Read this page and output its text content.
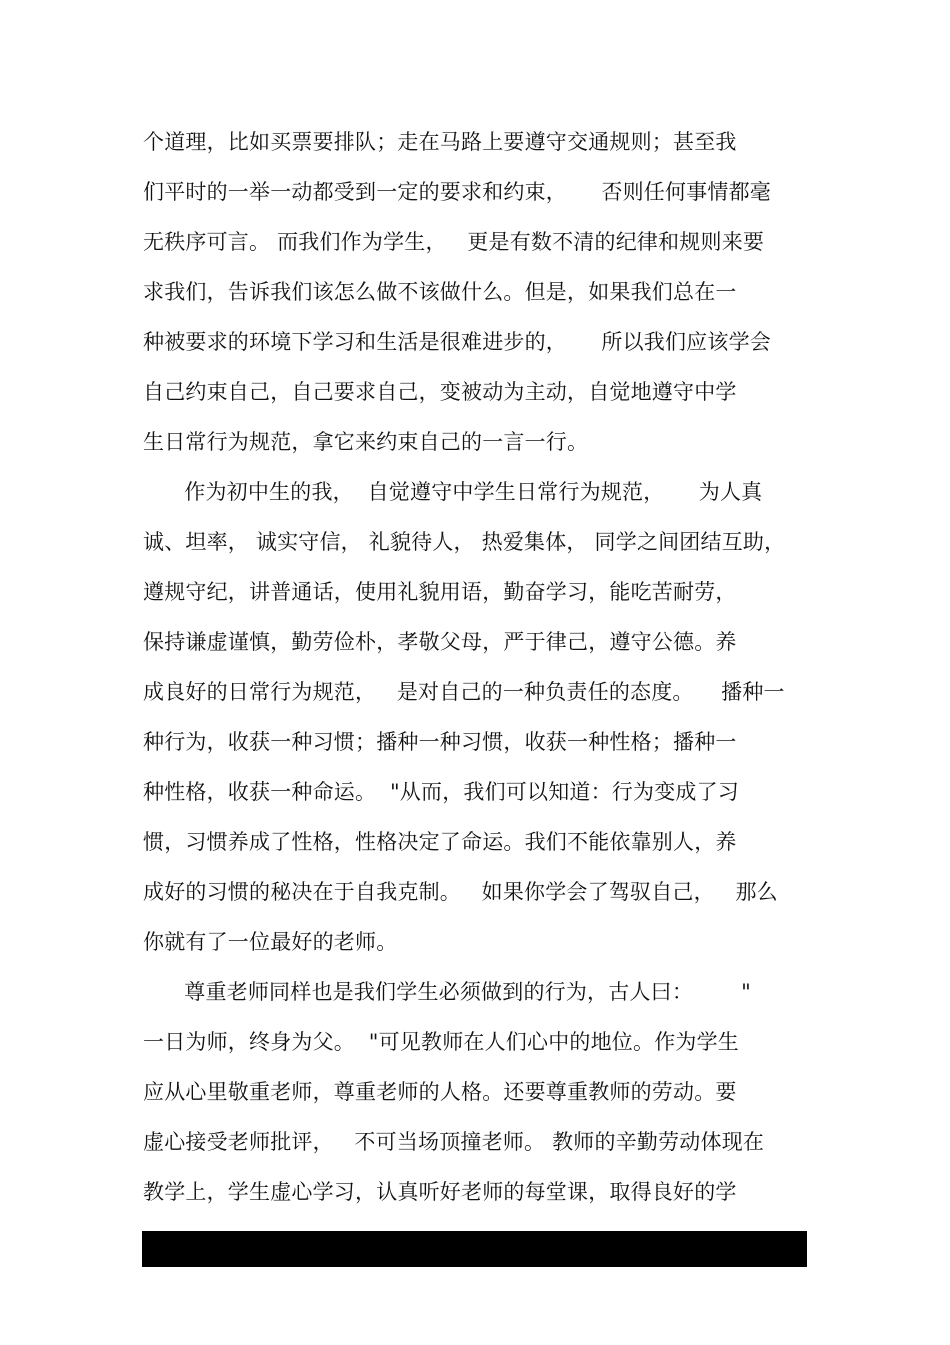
个道理，比如买票要排队；走在马路上要遵守交通规则；甚至我
们平时的一举一动都受到一定的要求和约束，     否则任何事情都毫
无秩序可言。 而我们作为学生，   更是有数不清的纪律和规则来要
求我们，告诉我们该怎么做不该做什么。但是，如果我们总在一
种被要求的环境下学习和生活是很难进步的，     所以我们应该学会
自己约束自己，自己要求自己，变被动为主动，自觉地遵守中学
生日常行为规范，拿它来约束自己的一言一行。
作为初中生的我，  自觉遵守中学生日常行为规范，     为人真
诚、坦率， 诚实守信， 礼貌待人， 热爱集体， 同学之间团结互助，
遵规守纪，讲普通话，使用礼貌用语，勤奋学习，能吃苦耐劳，
保持谦虚谨慎，勤劳俭朴，孝敬父母，严于律己，遵守公德。养
成良好的日常行为规范，   是对自己的一种负责任的态度。    播种一
种行为，收获一种习惯；播种一种习惯，收获一种性格；播种一
种性格，收获一种命运。  "从而，我们可以知道：行为变成了习
惯，习惯养成了性格，性格决定了命运。我们不能依靠别人，养
成好的习惯的秘决在于自我克制。   如果你学会了驾驭自己，   那么
你就有了一位最好的老师。
尊重老师同样也是我们学生必须做到的行为，古人曰：       "
一日为师，终身为父。  "可见教师在人们心中的地位。作为学生
应从心里敬重老师，尊重老师的人格。还要尊重教师的劳动。要
虚心接受老师批评，   不可当场顶撞老师。 教师的辛勤劳动体现在
教学上，学生虚心学习，认真听好老师的每堂课，取得良好的学
